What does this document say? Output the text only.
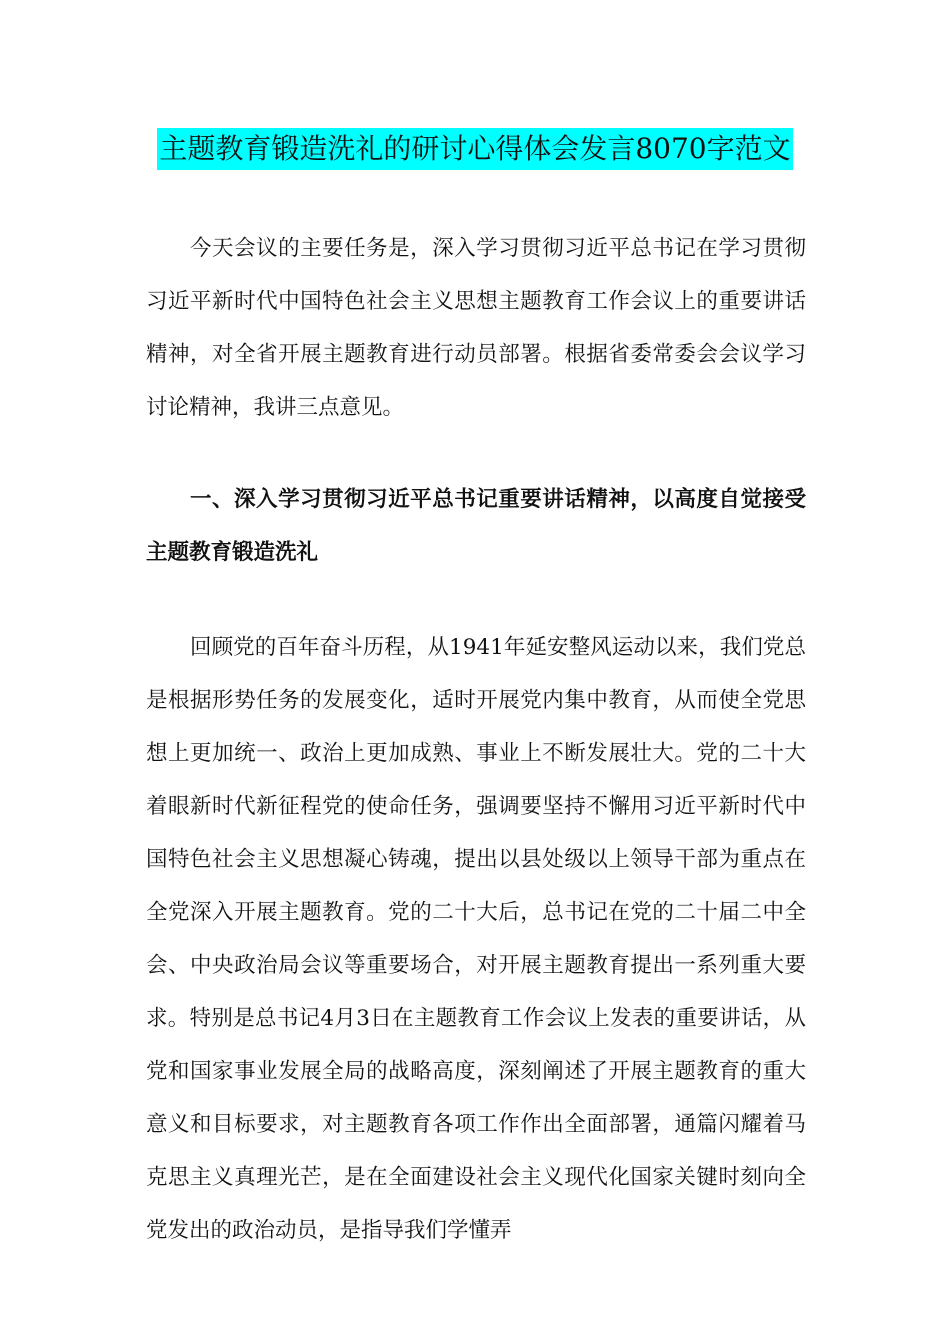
主题教育锻造洗礼的研讨心得体会发言8070字范文

今天会议的主要任务是，深入学习贯彻习近平总书记在学习贯彻习近平新时代中国特色社会主义思想主题教育工作会议上的重要讲话精神，对全省开展主题教育进行动员部署。根据省委常委会会议学习讨论精神，我讲三点意见。

一、深入学习贯彻习近平总书记重要讲话精神，以高度自觉接受主题教育锻造洗礼

回顾党的百年奋斗历程，从1941年延安整风运动以来，我们党总是根据形势任务的发展变化，适时开展党内集中教育，从而使全党思想上更加统一、政治上更加成熟、事业上不断发展壮大。党的二十大着眼新时代新征程党的使命任务，强调要坚持不懈用习近平新时代中国特色社会主义思想凝心铸魂，提出以县处级以上领导干部为重点在全党深入开展主题教育。党的二十大后，总书记在党的二十届二中全会、中央政治局会议等重要场合，对开展主题教育提出一系列重大要求。特别是总书记4月3日在主题教育工作会议上发表的重要讲话，从党和国家事业发展全局的战略高度，深刻阐述了开展主题教育的重大意义和目标要求，对主题教育各项工作作出全面部署，通篇闪耀着马克思主义真理光芒，是在全面建设社会主义现代化国家关键时刻向全党发出的政治动员，是指导我们学懂弄
